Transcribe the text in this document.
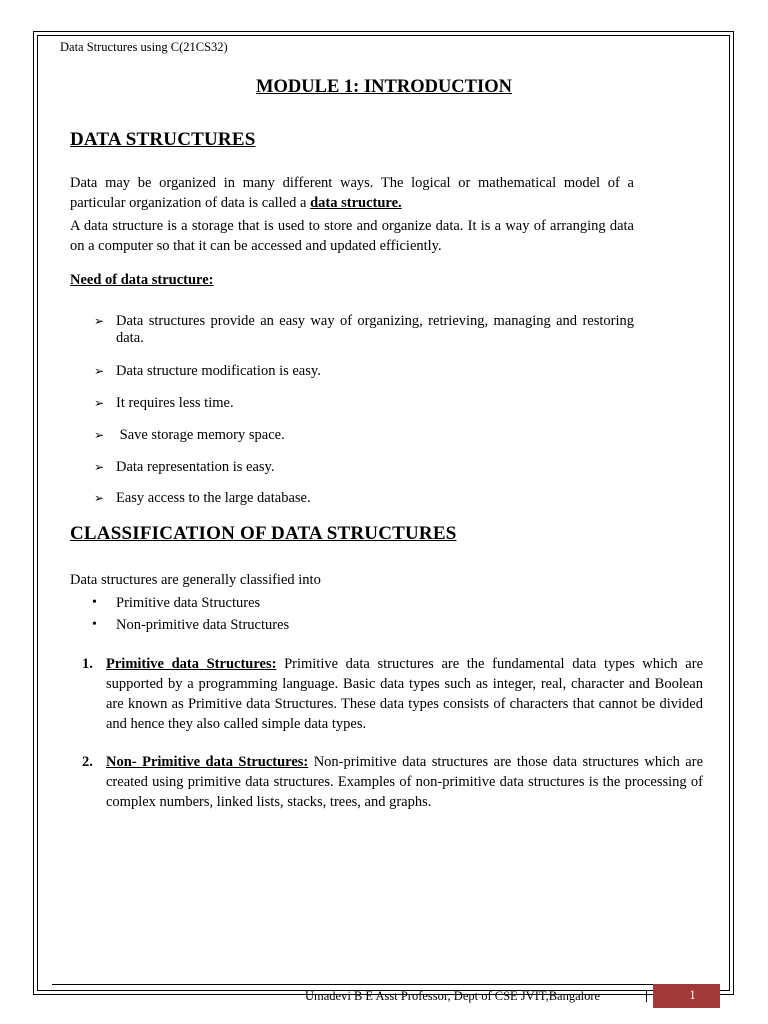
Data Structures using C(21CS32)
MODULE 1: INTRODUCTION
DATA STRUCTURES
Data may be organized in many different ways. The logical or mathematical model of a particular organization of data is called a data structure.
A data structure is a storage that is used to store and organize data. It is a way of arranging data on a computer so that it can be accessed and updated efficiently.
Need of data structure:
➢ Data structures provide an easy way of organizing, retrieving, managing and restoring data.
➢ Data structure modification is easy.
➢ It requires less time.
➢ Save storage memory space.
➢ Data representation is easy.
➢ Easy access to the large database.
CLASSIFICATION OF DATA STRUCTURES
Data structures are generally classified into
• Primitive data Structures
• Non-primitive data Structures
1. Primitive data Structures: Primitive data structures are the fundamental data types which are supported by a programming language. Basic data types such as integer, real, character and Boolean are known as Primitive data Structures. These data types consists of characters that cannot be divided and hence they also called simple data types.
2. Non- Primitive data Structures: Non-primitive data structures are those data structures which are created using primitive data structures. Examples of non-primitive data structures is the processing of complex numbers, linked lists, stacks, trees, and graphs.
Umadevi B E Asst Professor, Dept of CSE JVIT,Bangalore	1
